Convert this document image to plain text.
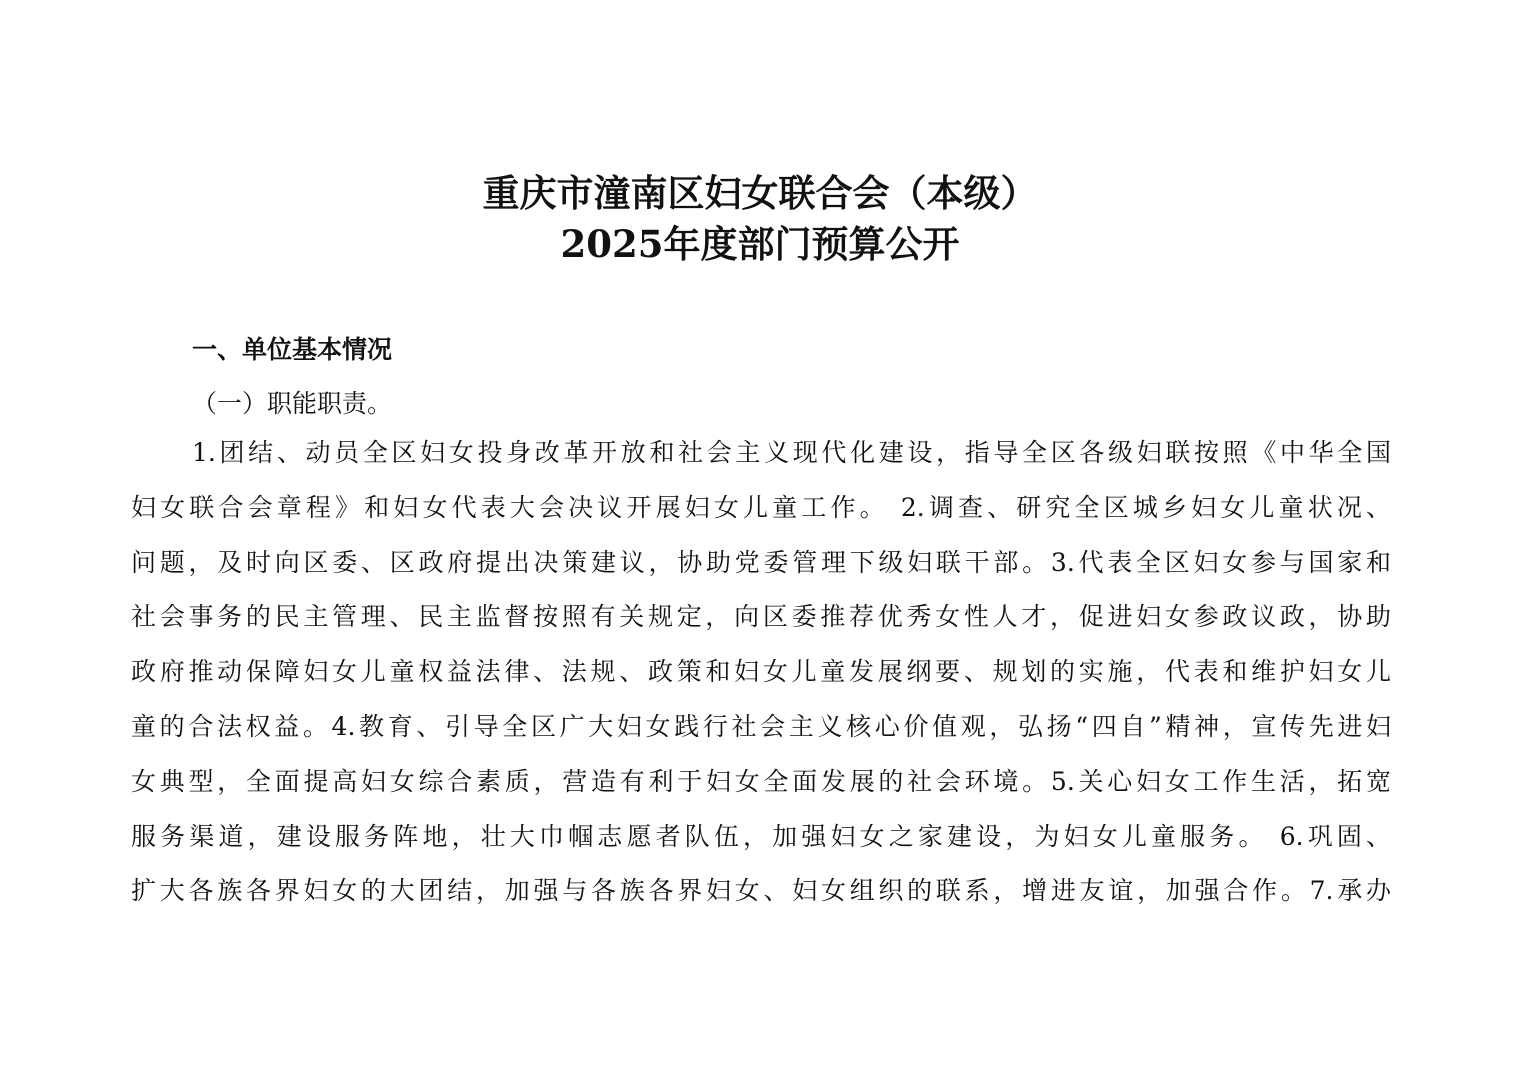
重庆市潼南区妇女联合会（本级）
2025年度部门预算公开
一、单位基本情况
（一）职能职责。
1.团结、动员全区妇女投身改革开放和社会主义现代化建设，指导全区各级妇联按照《中华全国
妇女联合会章程》和妇女代表大会决议开展妇女儿童工作。 2.调查、研究全区城乡妇女儿童状况、
问题，及时向区委、区政府提出决策建议，协助党委管理下级妇联干部。3.代表全区妇女参与国家和
社会事务的民主管理、民主监督按照有关规定，向区委推荐优秀女性人才，促进妇女参政议政，协助
政府推动保障妇女儿童权益法律、法规、政策和妇女儿童发展纲要、规划的实施，代表和维护妇女儿
童的合法权益。4.教育、引导全区广大妇女践行社会主义核心价值观，弘扬“四自”精神，宣传先进妇
女典型，全面提高妇女综合素质，营造有利于妇女全面发展的社会环境。5.关心妇女工作生活，拓宽
服务渠道，建设服务阵地，壮大巾帼志愿者队伍，加强妇女之家建设，为妇女儿童服务。 6.巩固、
扩大各族各界妇女的大团结，加强与各族各界妇女、妇女组织的联系，增进友谊，加强合作。7.承办
